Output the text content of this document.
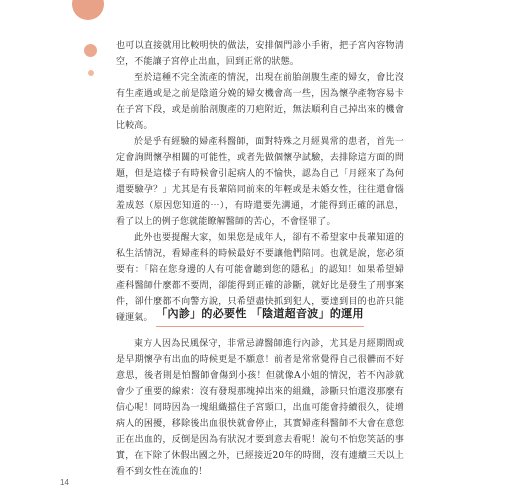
也可以直接就用比較明快的做法，安排個門診小手術，把子宮內容物清空，不能讓子宮停止出血，回到正常的狀態。

至於這種不完全流產的情況，出現在前胎剖腹生產的婦女，會比沒有生產過或是之前是陰道分娩的婦女機會高一些，因為懷孕產物容易卡在子宮下段，或是前胎剖腹產的刀疤附近，無法順利自己掉出來的機會比較高。

於是乎有經驗的婦產科醫師，面對特殊之月經異常的患者，首先一定會詢問懷孕相關的可能性，或者先做個懷孕試驗，去排除這方面的問題，但是這樣子有時候會引起病人的不愉快，認為自己「月經來了為何還要驗孕？」尤其是有長輩陪同前來的年輕或是未婚女性，往往還會惱羞成怒（原因您知道的⋯），有時還要先溝通，才能得到正確的訊息，看了以上的例子您就能瞭解醫師的苦心，不會怪罪了。

此外也要提醒大家，如果您是成年人，卻有不希望家中長輩知道的私生活情況，看婦產科的時候最好不要讓他們陪同。也就是說，您必須要有：「陪在您身邊的人有可能會聽到您的隱私」的認知！如果希望婦產科醫師什麼都不要問，卻能得到正確的診斷，就好比是發生了刑事案件，卻什麼都不向警方說，只希望盡快抓到犯人，要達到目的也許只能碰運氣。 「內診」的必要性 「陰道超音波」的運用

東方人因為民風保守，非常忌諱醫師進行內診，尤其是月經期間或是早期懷孕有出血的時候更是不願意！前者是常常覺得自己很髒而不好意思，後者則是怕醫師會傷到小孩！但就像A小姐的情況，若不內診就會少了重要的線索：沒有發現那塊掉出來的組織，診斷只怕還沒那麼有信心呢！同時因為一塊組織擋住子宮頸口，出血可能會持續很久，徒增病人的困擾，移除後出血很快就會停止，其實婦產科醫師不大會在意您正在出血的，反倒是因為有狀況才要到意去看呢！說句不怕您笑話的事實，在下除了休假出國之外，已經接近20年的時間，沒有連續三天以上看不到女性在流血的！

14
